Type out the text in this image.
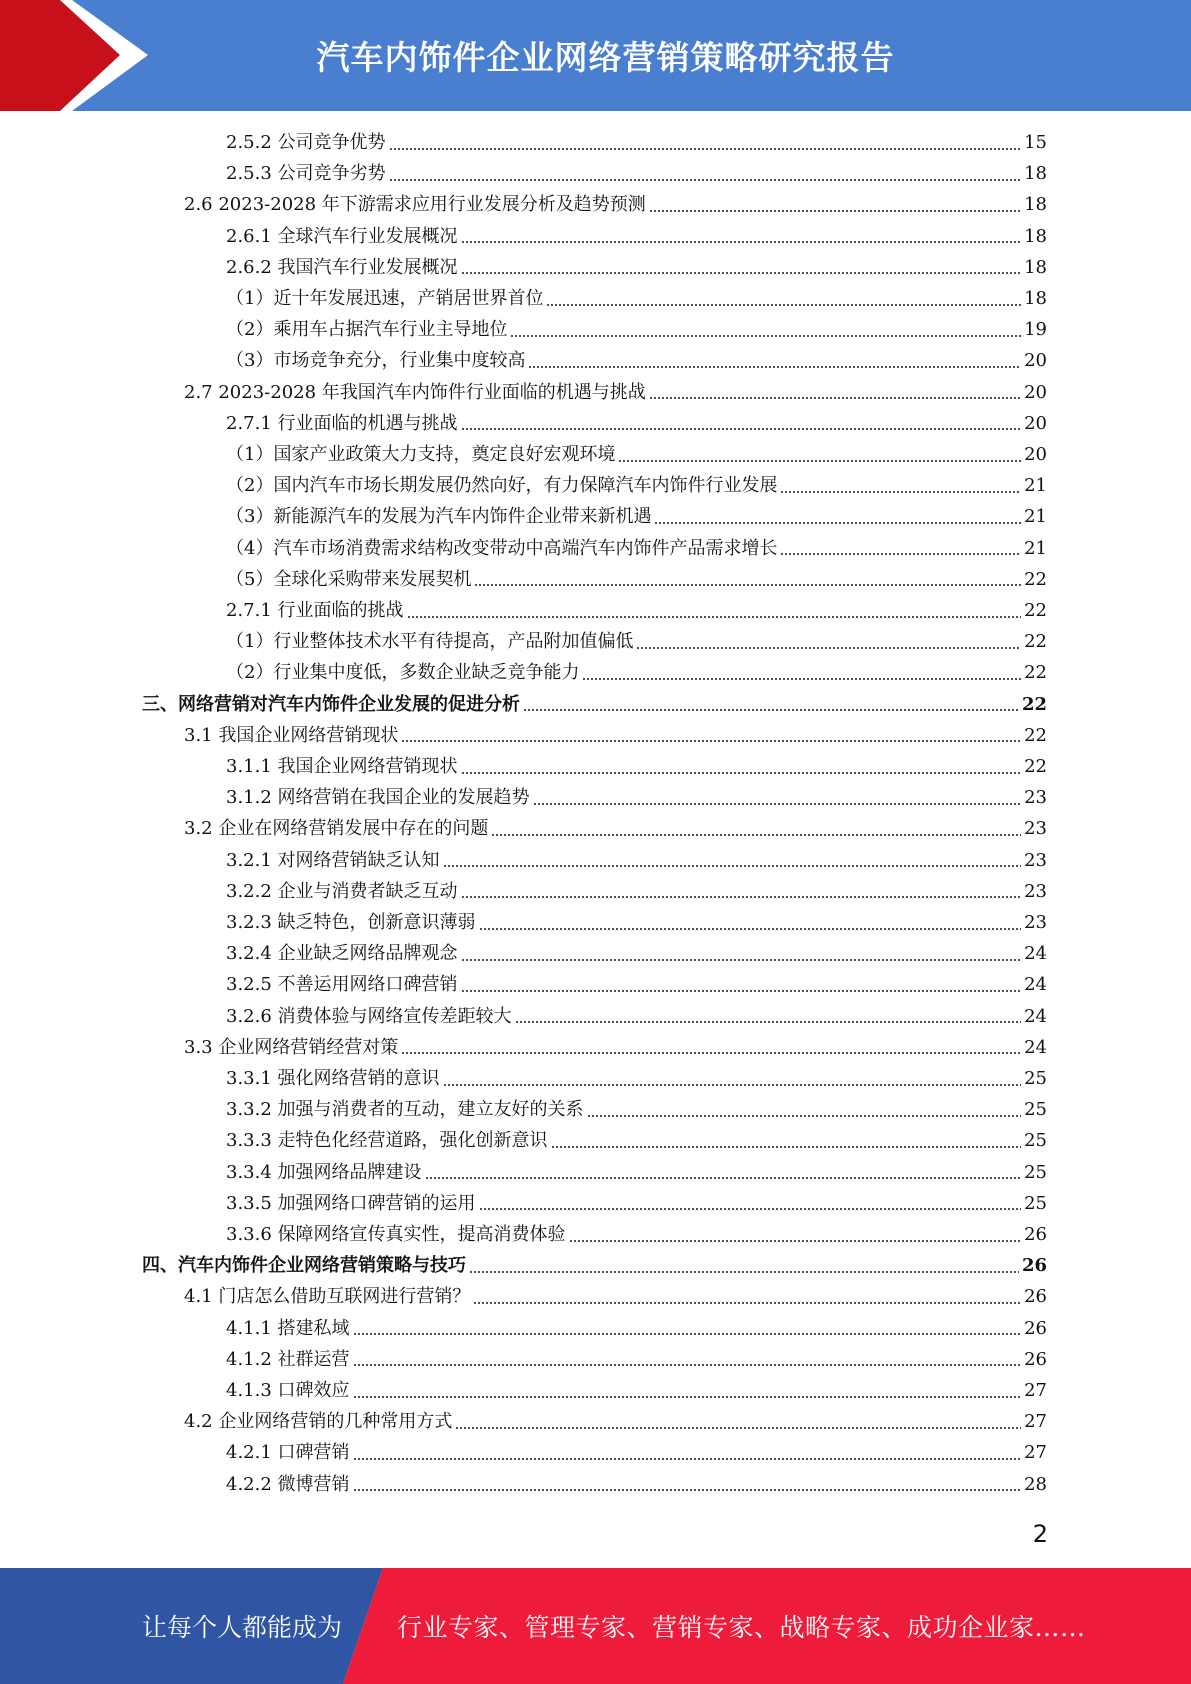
汽车内饰件企业网络营销策略研究报告
2.5.2 公司竞争优势	15
2.5.3 公司竞争劣势	18
2.6 2023-2028 年下游需求应用行业发展分析及趋势预测	18
2.6.1 全球汽车行业发展概况	18
2.6.2 我国汽车行业发展概况	18
（1）近十年发展迅速，产销居世界首位	18
（2）乘用车占据汽车行业主导地位	19
（3）市场竞争充分，行业集中度较高	20
2.7 2023-2028 年我国汽车内饰件行业面临的机遇与挑战	20
2.7.1 行业面临的机遇与挑战	20
（1）国家产业政策大力支持，奠定良好宏观环境	20
（2）国内汽车市场长期发展仍然向好，有力保障汽车内饰件行业发展	21
（3）新能源汽车的发展为汽车内饰件企业带来新机遇	21
（4）汽车市场消费需求结构改变带动中高端汽车内饰件产品需求增长	21
（5）全球化采购带来发展契机	22
2.7.1 行业面临的挑战	22
（1）行业整体技术水平有待提高，产品附加值偏低	22
（2）行业集中度低，多数企业缺乏竞争能力	22
三、网络营销对汽车内饰件企业发展的促进分析	22
3.1 我国企业网络营销现状	22
3.1.1 我国企业网络营销现状	22
3.1.2 网络营销在我国企业的发展趋势	23
3.2 企业在网络营销发展中存在的问题	23
3.2.1 对网络营销缺乏认知	23
3.2.2 企业与消费者缺乏互动	23
3.2.3 缺乏特色，创新意识薄弱	23
3.2.4 企业缺乏网络品牌观念	24
3.2.5 不善运用网络口碑营销	24
3.2.6 消费体验与网络宣传差距较大	24
3.3 企业网络营销经营对策	24
3.3.1 强化网络营销的意识	25
3.3.2 加强与消费者的互动，建立友好的关系	25
3.3.3 走特色化经营道路，强化创新意识	25
3.3.4 加强网络品牌建设	25
3.3.5 加强网络口碑营销的运用	25
3.3.6 保障网络宣传真实性，提高消费体验	26
四、汽车内饰件企业网络营销策略与技巧	26
4.1 门店怎么借助互联网进行营销？	26
4.1.1 搭建私域	26
4.1.2 社群运营	26
4.1.3 口碑效应	27
4.2 企业网络营销的几种常用方式	27
4.2.1 口碑营销	27
4.2.2 微博营销	28
2
让每个人都能成为 行业专家、管理专家、营销专家、战略专家、成功企业家……
